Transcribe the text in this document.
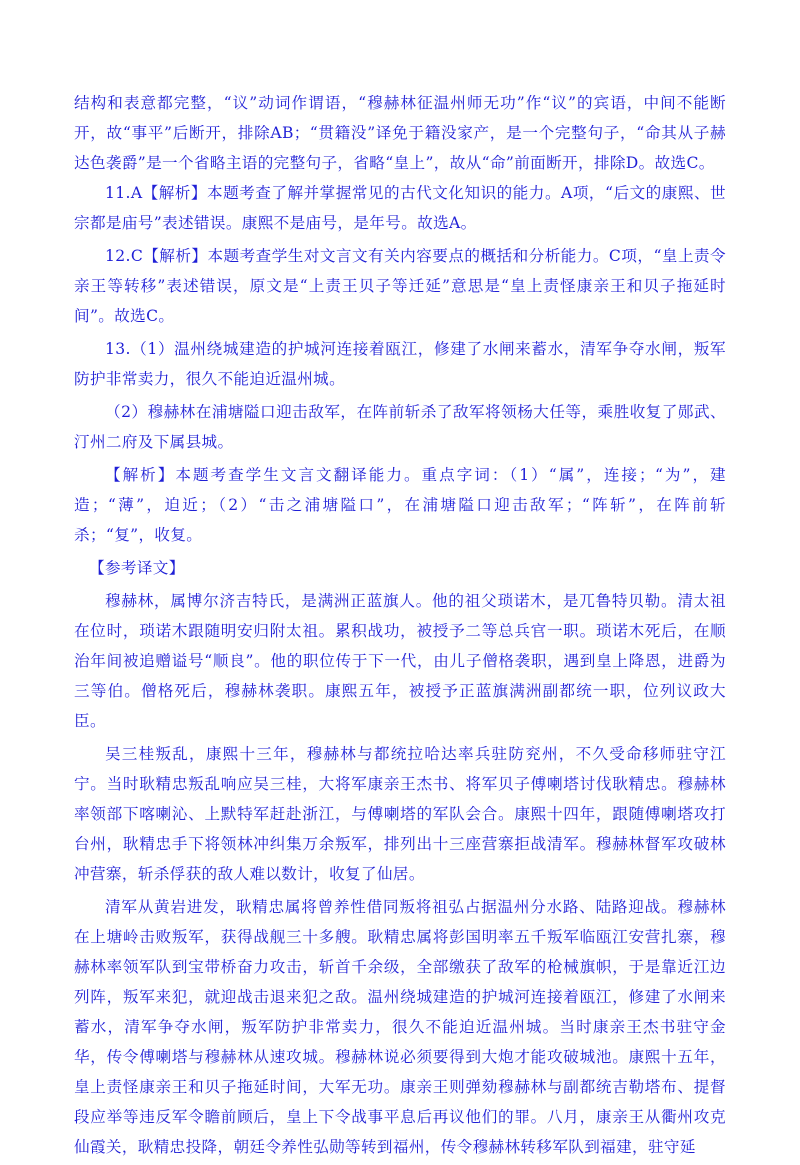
结构和表意都完整，“议”动词作谓语，“穆赫林征温州师无功”作“议”的宾语，中间不能断开，故“事平”后断开，排除AB；“贯籍没”译免于籍没家产，是一个完整句子，“命其从子赫达色袭爵”是一个省略主语的完整句子，省略“皇上”，故从“命”前面断开，排除D。故选C。

11.A【解析】本题考查了解并掌握常见的古代文化知识的能力。A项，“后文的康熙、世宗都是庙号”表述错误。康熙不是庙号，是年号。故选A。

12.C【解析】本题考查学生对文言文有关内容要点的概括和分析能力。C项，“皇上责令亲王等转移”表述错误，原文是“上责王贝子等迁延”意思是“皇上责怪康亲王和贝子拖延时间”。故选C。

13.（1）温州绕城建造的护城河连接着瓯江，修建了水闸来蓄水，清军争夺水闸，叛军防护非常卖力，很久不能迫近温州城。

（2）穆赫林在浦塘隘口迎击敌军，在阵前斩杀了敌军将领杨大任等，乘胜收复了郧武、汀州二府及下属县城。

【解析】本题考查学生文言文翻译能力。重点字词：（1）“属”，连接；“为”，建造；“薄”，迫近；（2）“击之浦塘隘口”，在浦塘隘口迎击敌军；“阵斩”，在阵前斩杀；“复”，收复。

【参考译文】

穆赫林，属博尔济吉特氏，是满洲正蓝旗人。他的祖父琐诺木，是兀鲁特贝勒。清太祖在位时，琐诺木跟随明安归附太祖。累积战功，被授予二等总兵官一职。琐诺木死后，在顺治年间被追赠谥号“顺良”。他的职位传于下一代，由儿子僧格袭职，遇到皇上降恩，进爵为三等伯。僧格死后，穆赫林袭职。康熙五年，被授予正蓝旗满洲副都统一职，位列议政大臣。

吴三桂叛乱，康熙十三年，穆赫林与都统拉哈达率兵驻防兖州，不久受命移师驻守江宁。当时耿精忠叛乱响应吴三桂，大将军康亲王杰书、将军贝子傅喇塔讨伐耿精忠。穆赫林率领部下喀喇沁、上默特军赶赴浙江，与傅喇塔的军队会合。康熙十四年，跟随傅喇塔攻打台州，耿精忠手下将领林冲纠集万余叛军，排列出十三座营寨拒战清军。穆赫林督军攻破林冲营寨，斩杀俘获的敌人难以数计，收复了仙居。

清军从黄岩进发，耿精忠属将曾养性借同叛将祖弘占据温州分水路、陆路迎战。穆赫林在上塘岭击败叛军，获得战舰三十多艘。耿精忠属将彭国明率五千叛军临瓯江安营扎寨，穆赫林率领军队到宝带桥奋力攻击，斩首千余级，全部缴获了敌军的枪械旗帜，于是靠近江边列阵，叛军来犯，就迎战击退来犯之敌。温州绕城建造的护城河连接着瓯江，修建了水闸来蓄水，清军争夺水闸，叛军防护非常卖力，很久不能迫近温州城。当时康亲王杰书驻守金华，传令傅喇塔与穆赫林从速攻城。穆赫林说必须要得到大炮才能攻破城池。康熙十五年，皇上责怪康亲王和贝子拖延时间，大军无功。康亲王则弹劾穆赫林与副都统吉勒塔布、提督段应举等违反军令瞻前顾后，皇上下令战事平息后再议他们的罪。八月，康亲王从衢州攻克仙霞关，耿精忠投降，朝廷令养性弘勋等转到福州，传令穆赫林转移军队到福建，驻守延
